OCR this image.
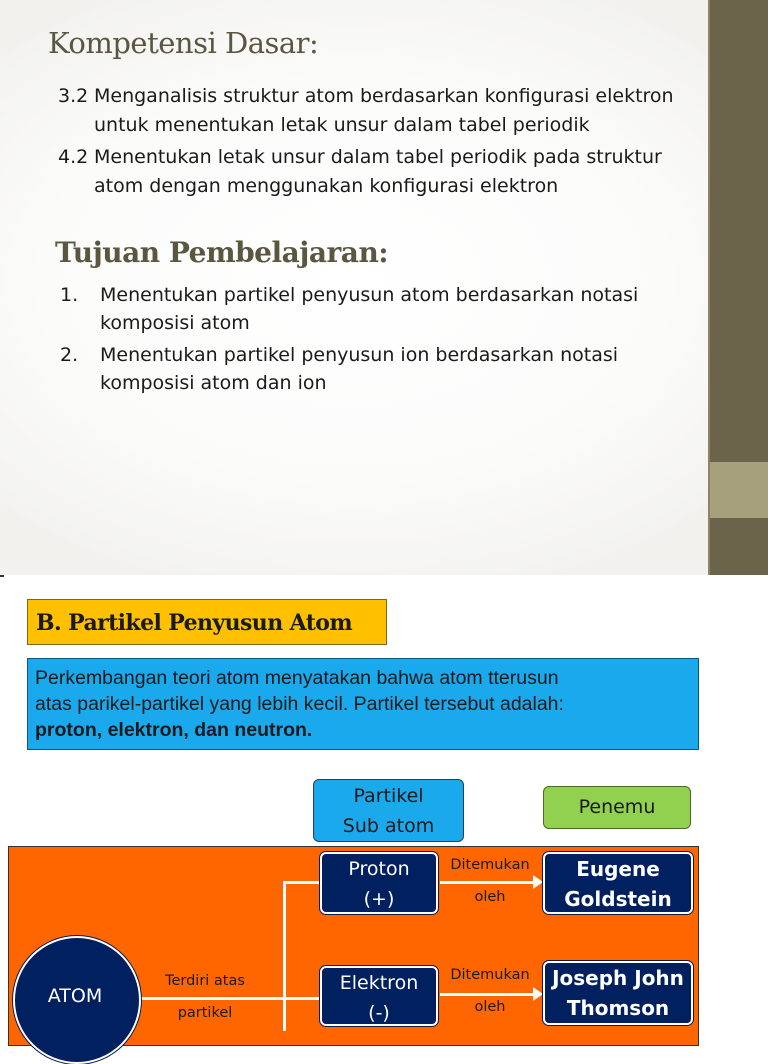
Kompetensi Dasar:
3.2 Menganalisis struktur atom berdasarkan konfigurasi elektron
untuk menentukan letak unsur dalam tabel periodik
4.2 Menentukan letak unsur dalam tabel periodik pada struktur
atom dengan menggunakan konfigurasi elektron
Tujuan Pembelajaran:
1. Menentukan partikel penyusun atom berdasarkan notasi
komposisi atom
2. Menentukan partikel penyusun ion berdasarkan notasi
komposisi atom dan ion
B. Partikel Penyusun Atom
Perkembangan teori atom menyatakan bahwa atom tterusun
atas parikel-partikel yang lebih kecil. Partikel tersebut adalah:
proton, elektron, dan neutron.
Partikel
Sub atom
Penemu
Proton
(+)
Eugene
Goldstein
Elektron
(-)
Joseph John
Thomson
ATOM
Terdiri atas
partikel
Ditemukan
oleh
Ditemukan
oleh
